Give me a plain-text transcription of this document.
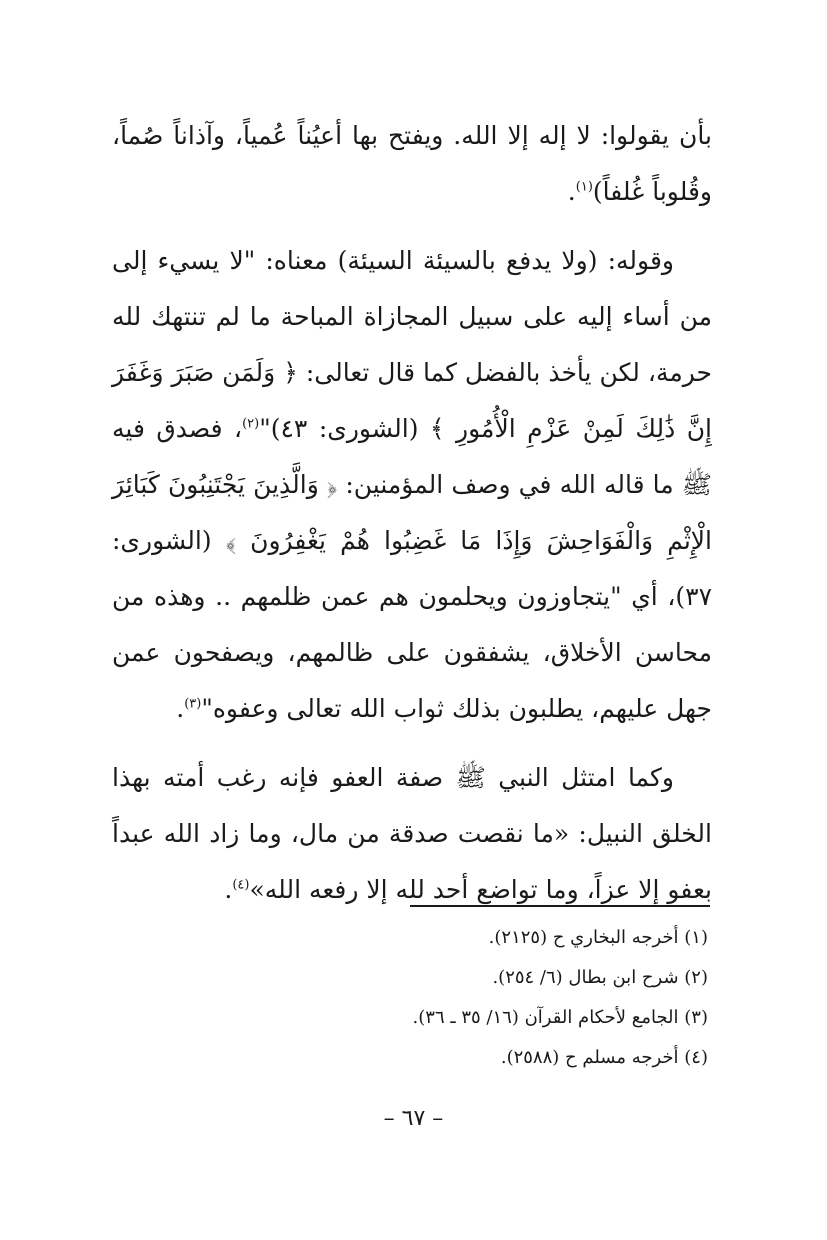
بأن يقولوا: لا إله إلا الله. ويفتح بها أعيُناً عُمياً، وآذاناً صُماً، وقُلوباً غُلفاً)$^{(١)}$.

وقوله: (ولا يدفع بالسيئة السيئة) معناه: "لا يسيء إلى من أساء إليه على سبيل المجازاة المباحة ما لم تنتهك لله حرمة، لكن يأخذ بالفضل كما قال تعالى: ﴿ وَلَمَن صَبَرَ وَغَفَرَ إِنَّ ذَٰلِكَ لَمِنْ عَزْمِ الْأُمُورِ ﴾ (الشورى: ٤٣)"$^{(٢)}$، فصدق فيه ﷺ ما قاله الله في وصف المؤمنين: ﴿ وَالَّذِينَ يَجْتَنِبُونَ كَبَائِرَ الْإِثْمِ وَالْفَوَاحِشَ وَإِذَا مَا غَضِبُوا هُمْ يَغْفِرُونَ ﴾ (الشورى: ٣٧)، أي "يتجاوزون ويحلمون هم عمن ظلمهم .. وهذه من محاسن الأخلاق، يشفقون على ظالمهم، ويصفحون عمن جهل عليهم، يطلبون بذلك ثواب الله تعالى وعفوه"$^{(٣)}$.

وكما امتثل النبي ﷺ صفة العفو فإنه رغب أمته بهذا الخلق النبيل: «ما نقصت صدقة من مال، وما زاد الله عبداً بعفو إلا عزاً، وما تواضع أحد لله إلا رفعه الله»$^{(٤)}$.

(١) أخرجه البخاري ح (٢١٢٥).

(٢) شرح ابن بطال (٦/ ٢٥٤).

(٣) الجامع لأحكام القرآن (١٦/ ٣٥ ـ ٣٦).

(٤) أخرجه مسلم ح (٢٥٨٨).

– ٦٧ –
